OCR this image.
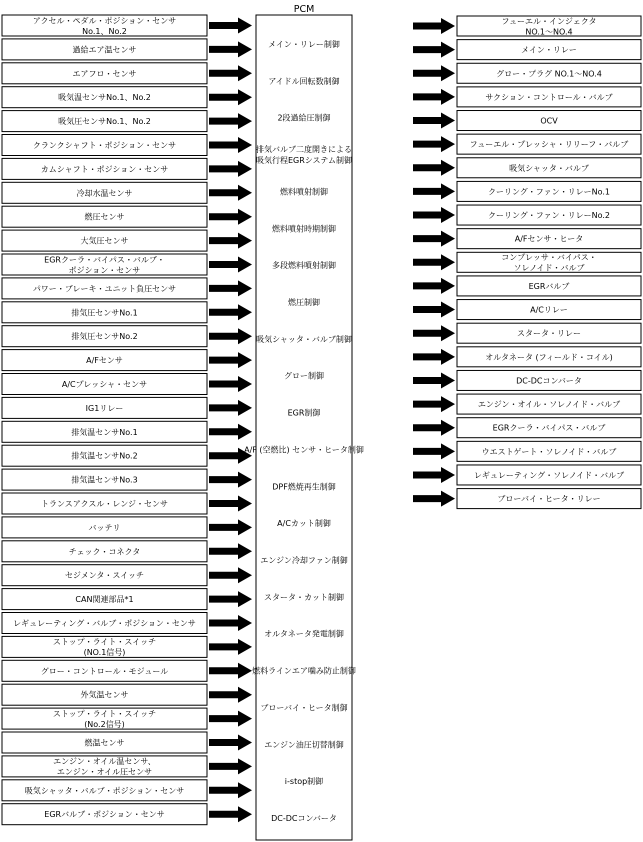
PCM
メイン・リレー制御
アイドル回転数制御
2段過給圧制御
排気バルブ二度開きによる
吸気行程EGRシステム制御
燃料噴射制御
燃料噴射時期制御
多段燃料噴射制御
燃圧制御
吸気シャッタ・バルブ制御
グロー制御
EGR制御
A/F (空燃比) センサ・ヒータ制御
DPF燃焼再生制御
A/Cカット制御
エンジン冷却ファン制御
スタータ・カット制御
オルタネータ発電制御
燃料ラインエア噛み防止制御
ブローバイ・ヒータ制御
エンジン油圧切替制御
i-stop制御
DC-DCコンバータ
アクセル・ペダル・ポジション・センサ
No.1、No.2
過給エア温センサ
エアフロ・センサ
吸気温センサNo.1、No.2
吸気圧センサNo.1、No.2
クランクシャフト・ポジション・センサ
カムシャフト・ポジション・センサ
冷却水温センサ
燃圧センサ
大気圧センサ
EGRクーラ・バイパス・バルブ・
ポジション・センサ
パワー・ブレーキ・ユニット負圧センサ
排気圧センサNo.1
排気圧センサNo.2
A/Fセンサ
A/Cプレッシャ・センサ
IG1リレー
排気温センサNo.1
排気温センサNo.2
排気温センサNo.3
トランスアクスル・レンジ・センサ
バッテリ
チェック・コネクタ
セジメンタ・スイッチ
CAN関連部品*1
レギュレーティング・バルブ・ポジション・センサ
ストップ・ライト・スイッチ
(NO.1信号)
グロー・コントロール・モジュール
外気温センサ
ストップ・ライト・スイッチ
(No.2信号)
燃温センサ
エンジン・オイル温センサ、
エンジン・オイル圧センサ
吸気シャッタ・バルブ・ポジション・センサ
EGRバルブ・ポジション・センサ
フューエル・インジェクタ
NO.1～NO.4
メイン・リレー
グロー・プラグ NO.1～NO.4
サクション・コントロール・バルブ
OCV
フューエル・プレッシャ・リリーフ・バルブ
吸気シャッタ・バルブ
クーリング・ファン・リレーNo.1
クーリング・ファン・リレーNo.2
A/Fセンサ・ヒータ
コンプレッサ・バイパス・
ソレノイド・バルブ
EGRバルブ
A/Cリレー
スタータ・リレー
オルタネータ (フィールド・コイル)
DC-DCコンバータ
エンジン・オイル・ソレノイド・バルブ
EGRクーラ・バイパス・バルブ
ウエストゲート・ソレノイド・バルブ
レギュレーティング・ソレノイド・バルブ
ブローバイ・ヒータ・リレー
